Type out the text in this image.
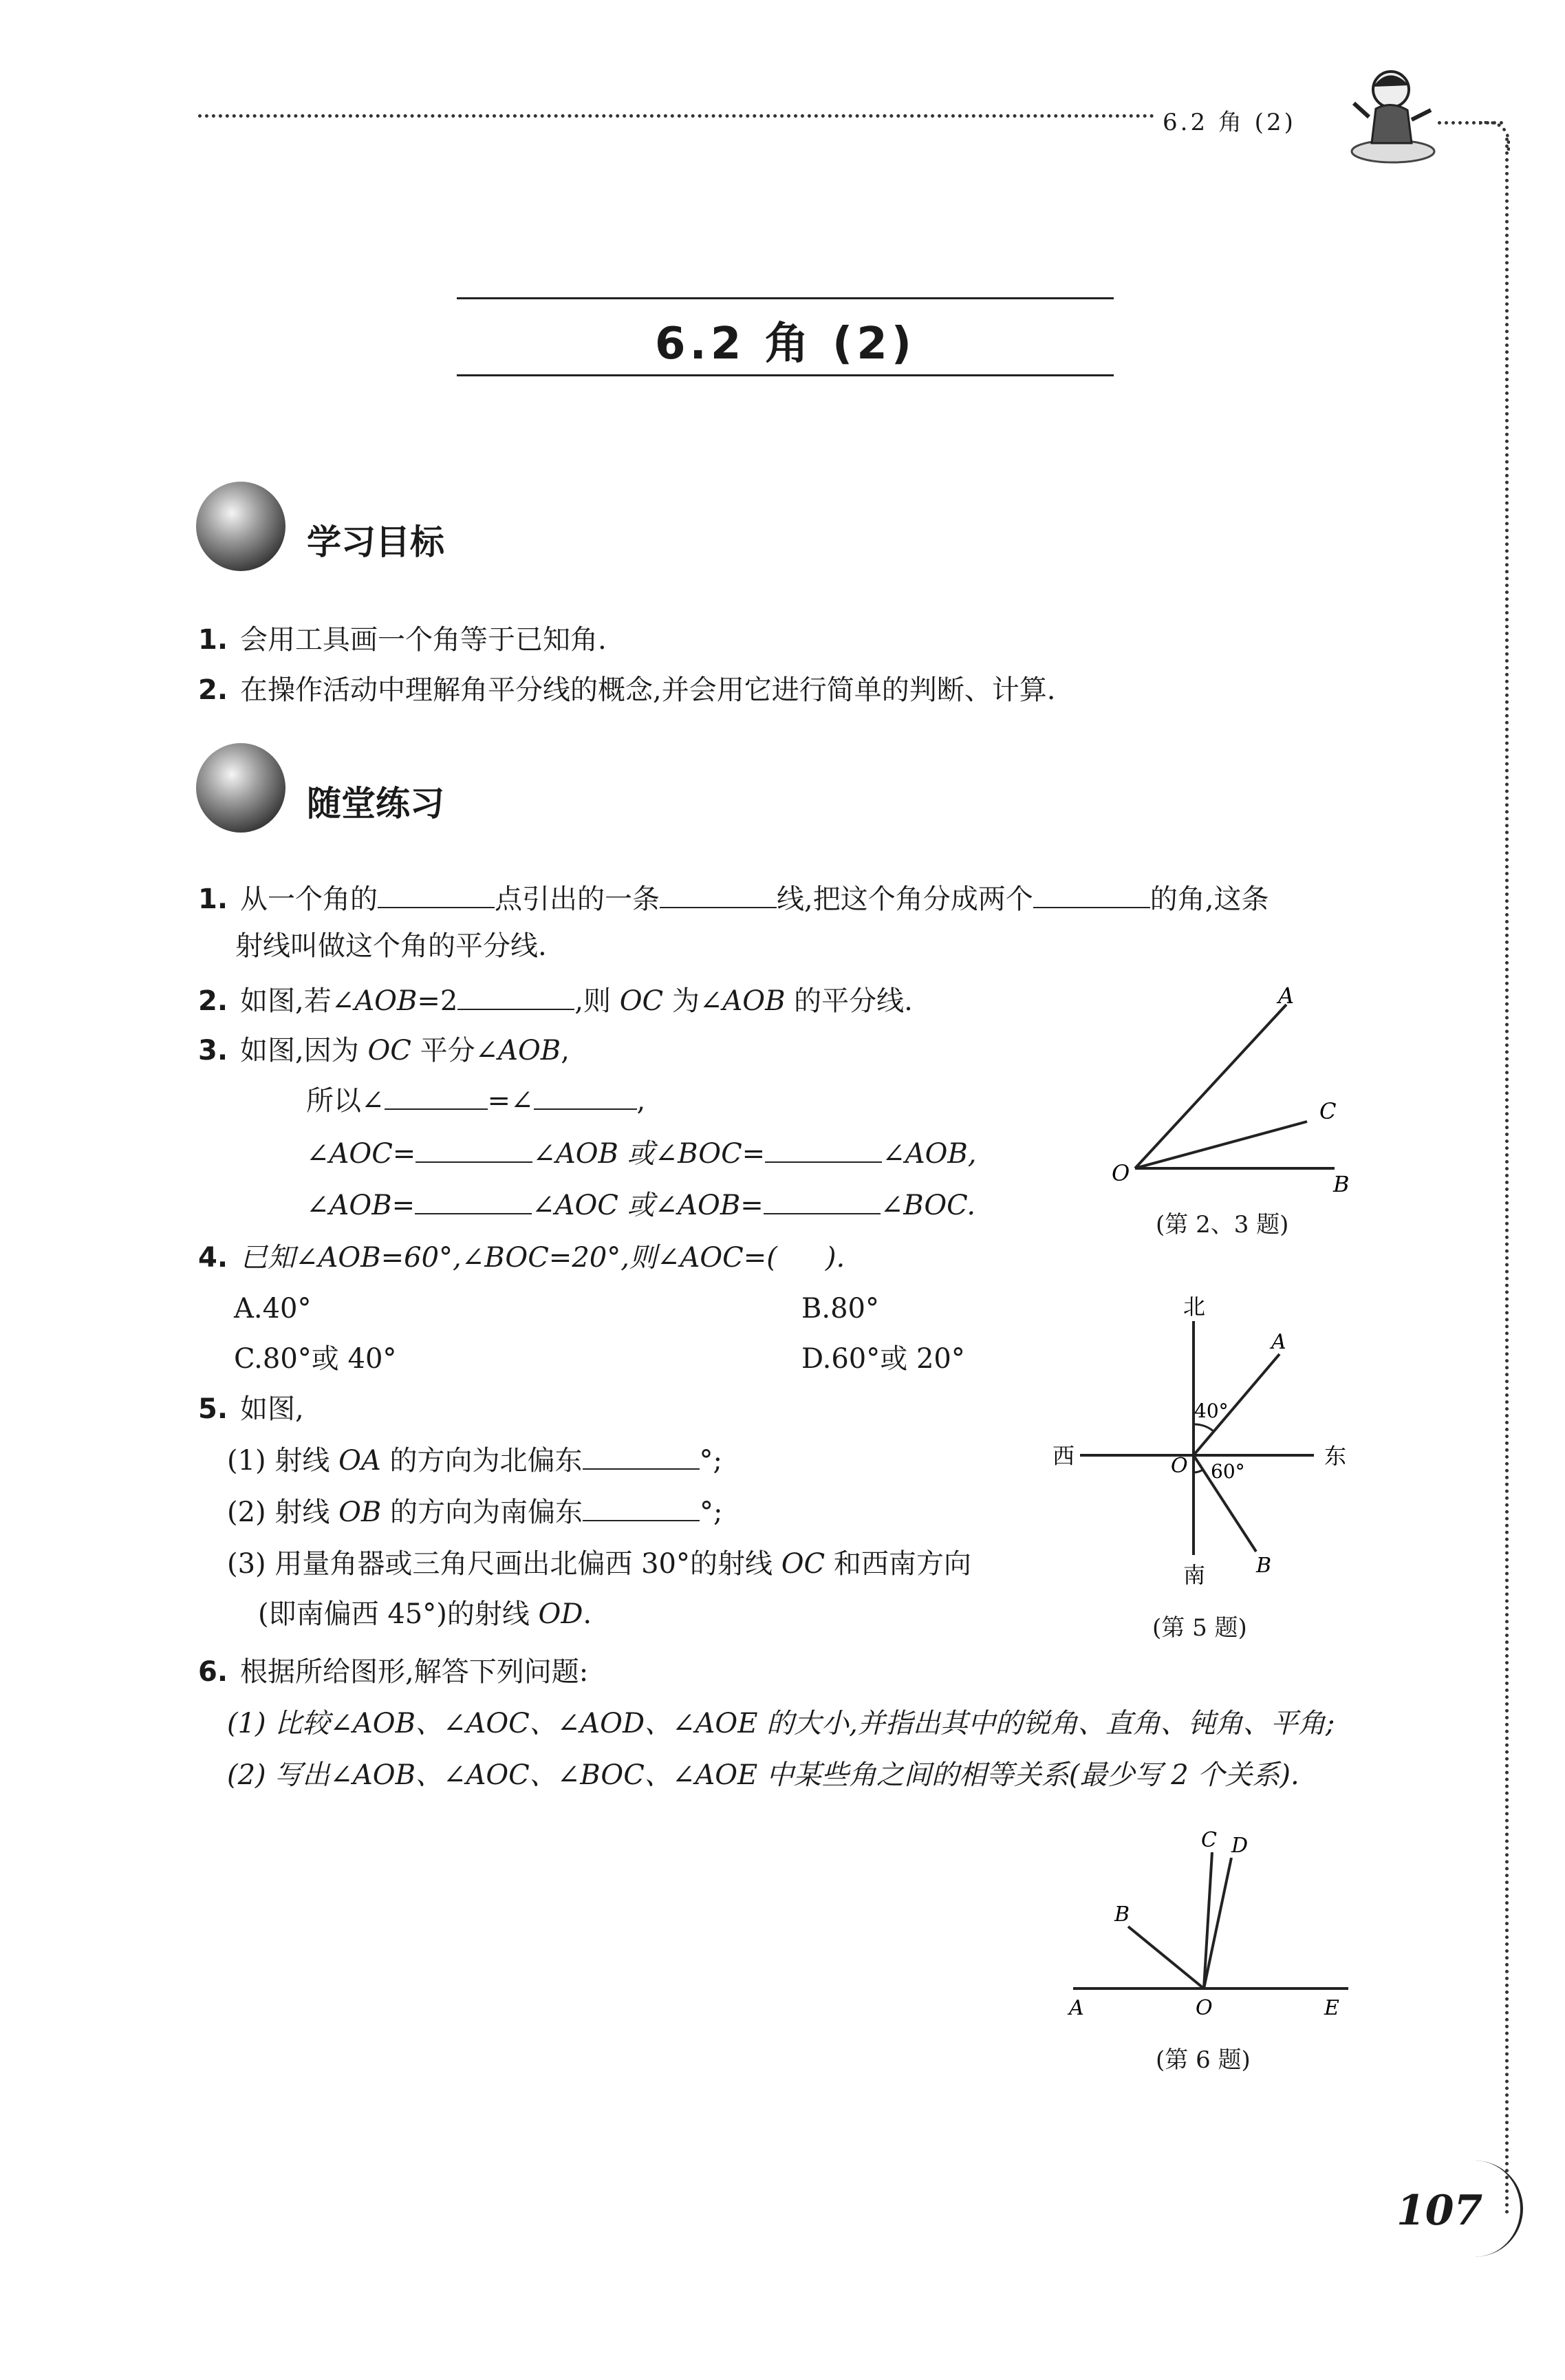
6.2 角 (2)
6.2 角 (2)
学习目标
1. 会用工具画一个角等于已知角.
2. 在操作活动中理解角平分线的概念,并会用它进行简单的判断、计算.
随堂练习
1. 从一个角的	点引出的一条	线,把这个角分成两个	的角,这条
射线叫做这个角的平分线.
2. 如图,若∠AOB=2	,则 OC 为∠AOB 的平分线.
3. 如图,因为 OC 平分∠AOB,
所以∠	=∠	,
∠AOC=	∠AOB 或∠BOC=	∠AOB,
∠AOB=	∠AOC 或∠AOB=	∠BOC.
A
C
B
O
(第 2、3 题)
4. 已知∠AOB=60°,∠BOC=20°,则∠AOC=( ).
A.40°	B.80°
C.80°或 40°	D.60°或 20°
5. 如图,
(1) 射线 OA 的方向为北偏东	°;
(2) 射线 OB 的方向为南偏东	°;
(3) 用量角器或三角尺画出北偏西 30°的射线 OC 和西南方向
(即南偏西 45°)的射线 OD.
北
南
东
西
A
B
O
40°
60°
(第 5 题)
6. 根据所给图形,解答下列问题:
(1) 比较∠AOB、∠AOC、∠AOD、∠AOE 的大小,并指出其中的锐角、直角、钝角、平角;
(2) 写出∠AOB、∠AOC、∠BOC、∠AOE 中某些角之间的相等关系(最少写 2 个关系).
C D
B
A	O	E
(第 6 题)
107
